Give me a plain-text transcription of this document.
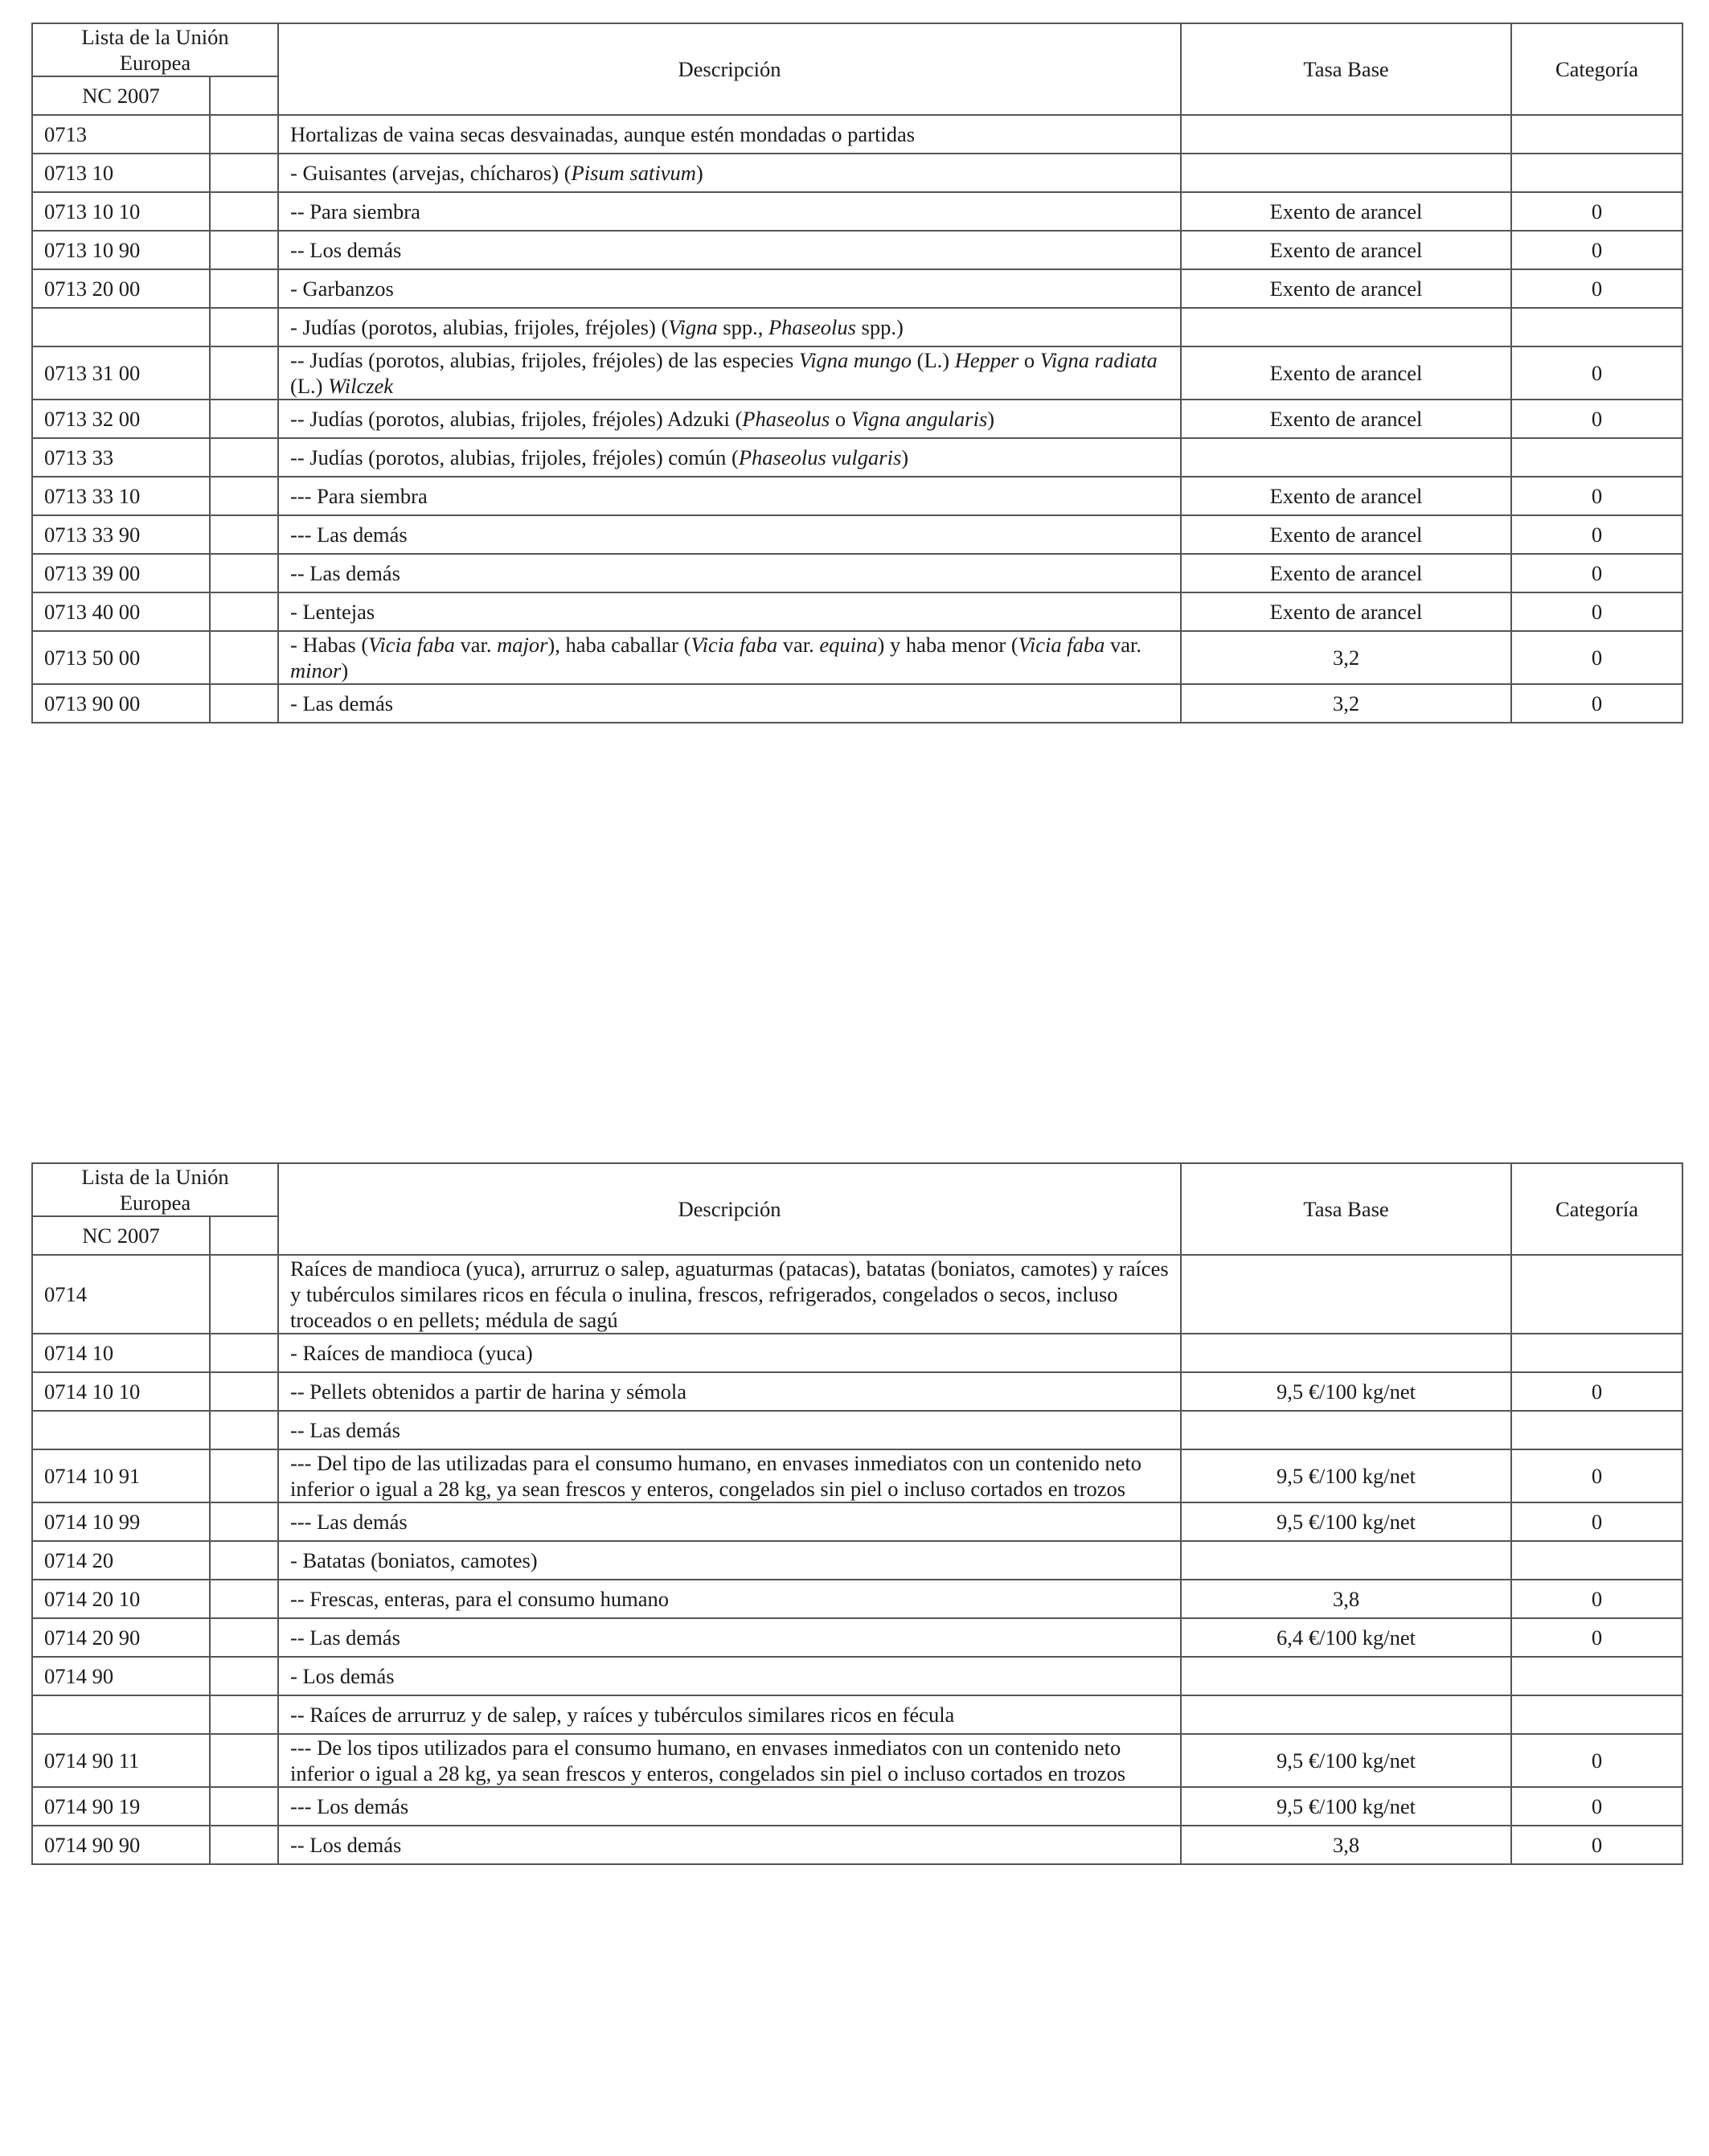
Lista de la Unión Europea		Descripción	Tasa Base	Categoría
NC 2007				
0713		Hortalizas de vaina secas desvainadas, aunque estén mondadas o partidas		
0713 10		- Guisantes (arvejas, chícharos) (Pisum sativum)		
0713 10 10		-- Para siembra	Exento de arancel	0
0713 10 90		-- Los demás	Exento de arancel	0
0713 20 00		- Garbanzos	Exento de arancel	0
		- Judías (porotos, alubias, frijoles, fréjoles) (Vigna spp., Phaseolus spp.)		
0713 31 00		-- Judías (porotos, alubias, frijoles, fréjoles) de las especies Vigna mungo (L.) Hepper o Vigna radiata (L.) Wilczek	Exento de arancel	0
0713 32 00		-- Judías (porotos, alubias, frijoles, fréjoles) Adzuki (Phaseolus o Vigna angularis)	Exento de arancel	0
0713 33		-- Judías (porotos, alubias, frijoles, fréjoles) común (Phaseolus vulgaris)		
0713 33 10		--- Para siembra	Exento de arancel	0
0713 33 90		--- Las demás	Exento de arancel	0
0713 39 00		-- Las demás	Exento de arancel	0
0713 40 00		- Lentejas	Exento de arancel	0
0713 50 00		- Habas (Vicia faba var. major), haba caballar (Vicia faba var. equina) y haba menor (Vicia faba var. minor)	3,2	0
0713 90 00		- Las demás	3,2	0
Lista de la Unión Europea		Descripción	Tasa Base	Categoría
NC 2007				
0714		Raíces de mandioca (yuca), arrurruz o salep, aguaturmas (patacas), batatas (boniatos, camotes) y raíces y tubérculos similares ricos en fécula o inulina, frescos, refrigerados, congelados o secos, incluso troceados o en pellets; médula de sagú		
0714 10		- Raíces de mandioca (yuca)		
0714 10 10		-- Pellets obtenidos a partir de harina y sémola	9,5 €/100 kg/net	0
		-- Las demás		
0714 10 91		--- Del tipo de las utilizadas para el consumo humano, en envases inmediatos con un contenido neto inferior o igual a 28 kg, ya sean frescos y enteros, congelados sin piel o incluso cortados en trozos	9,5 €/100 kg/net	0
0714 10 99		--- Las demás	9,5 €/100 kg/net	0
0714 20		- Batatas (boniatos, camotes)		
0714 20 10		-- Frescas, enteras, para el consumo humano	3,8	0
0714 20 90		-- Las demás	6,4 €/100 kg/net	0
0714 90		- Los demás		
		-- Raíces de arrurruz y de salep, y raíces y tubérculos similares ricos en fécula		
0714 90 11		--- De los tipos utilizados para el consumo humano, en envases inmediatos con un contenido neto inferior o igual a 28 kg, ya sean frescos y enteros, congelados sin piel o incluso cortados en trozos	9,5 €/100 kg/net	0
0714 90 19		--- Los demás	9,5 €/100 kg/net	0
0714 90 90		-- Los demás	3,8	0
